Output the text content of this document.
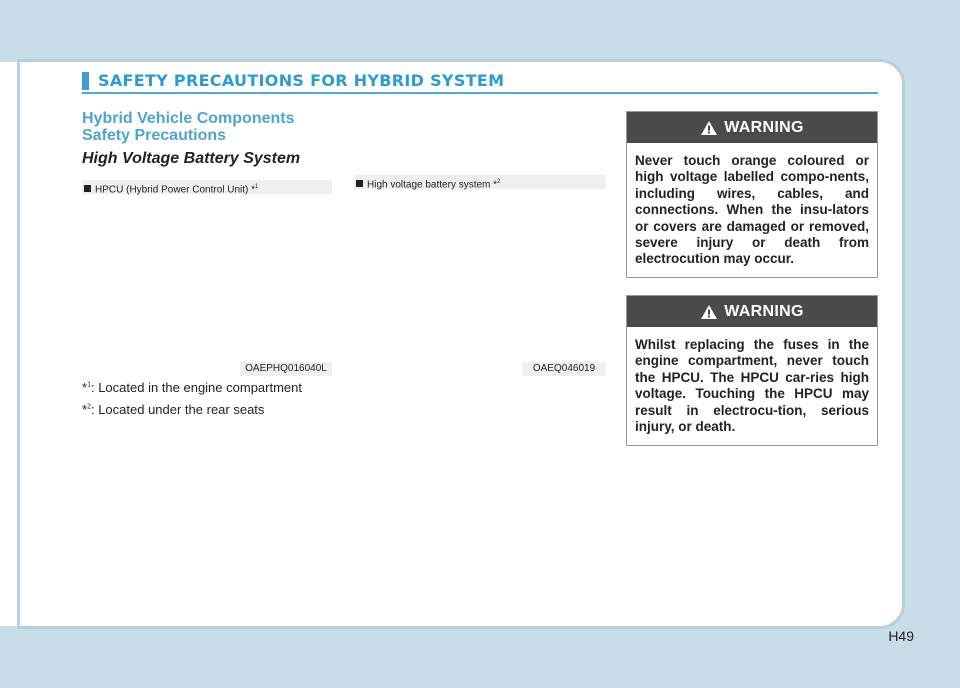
SAFETY PRECAUTIONS FOR HYBRID SYSTEM
Hybrid Vehicle Components Safety Precautions
High Voltage Battery System
HPCU (Hybrid Power Control Unit) *$^1$
OAEPHQ016040L
High voltage battery system *$^2$
OAEQ046019
*$^1$: Located in the engine compartment
*$^2$: Located under the rear seats
WARNING
Never touch orange coloured or high voltage labelled compo-nents, including wires, cables, and connections. When the insu-lators or covers are damaged or removed, severe injury or death from electrocution may occur.
WARNING
Whilst replacing the fuses in the engine compartment, never touch the HPCU. The HPCU car-ries high voltage. Touching the HPCU may result in electrocu-tion, serious injury, or death.
H49
